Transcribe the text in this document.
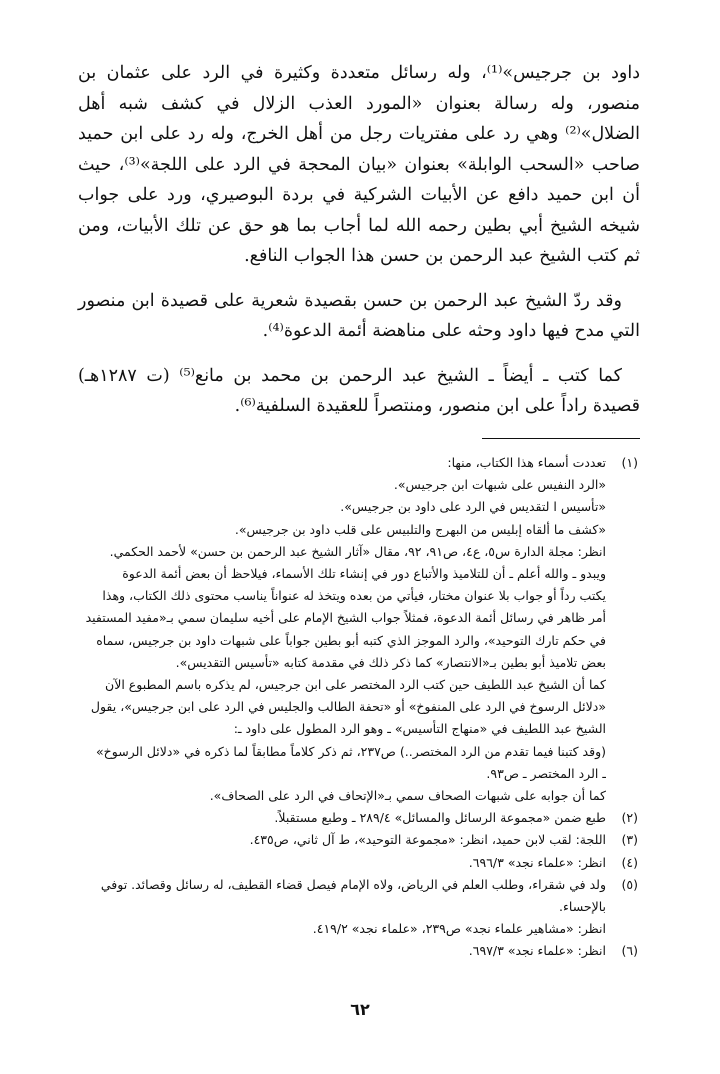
داود بن جرجيس»⁽¹⁾، وله رسائل متعددة وكثيرة في الرد على عثمان بن منصور، وله رسالة بعنوان «المورد العذب الزلال في كشف شبه أهل الضلال»⁽²⁾ وهي رد على مفتريات رجل من أهل الخرج، وله رد على ابن حميد صاحب «السحب الوابلة» بعنوان «بيان المحجة في الرد على اللجة»⁽³⁾، حيث أن ابن حميد دافع عن الأبيات الشركية في بردة البوصيري، ورد على جواب شيخه الشيخ أبي بطين رحمه الله لما أجاب بما هو حق عن تلك الأبيات، ومن ثم كتب الشيخ عبد الرحمن بن حسن هذا الجواب النافع.

وقد ردّ الشيخ عبد الرحمن بن حسن بقصيدة شعرية على قصيدة ابن منصور التي مدح فيها داود وحثه على مناهضة أئمة الدعوة⁽⁴⁾.

كما كتب ـ أيضاً ـ الشيخ عبد الرحمن بن محمد بن مانع⁽⁵⁾ (ت ١٢٨٧هـ) قصيدة راداً على ابن منصور، ومنتصراً للعقيدة السلفية⁽⁶⁾.

(١)

تعددت أسماء هذا الكتاب، منها:

«الرد النفيس على شبهات ابن جرجيس».

«تأسيس ا لتقديس في الرد على داود بن جرجيس».

«كشف ما ألقاه إبليس من البهرج والتلبيس على قلب داود بن جرجيس».

انظر: مجلة الدارة س٥، ع٤، ص٩١، ٩٢، مقال «آثار الشيخ عبد الرحمن بن حسن» لأحمد الحكمي.

ويبدو ـ والله أعلم ـ أن للتلاميذ والأتباع دور في إنشاء تلك الأسماء، فيلاحظ أن بعض أئمة الدعوة

يكتب رداً أو جواب بلا عنوان مختار، فيأتي من بعده ويتخذ له عنواناً يناسب محتوى ذلك الكتاب، وهذا

أمر ظاهر في رسائل أئمة الدعوة، فمثلاً جواب الشيخ الإمام على أخيه سليمان سمي بـ«مفيد المستفيد

في حكم تارك التوحيد»، والرد الموجز الذي كتبه أبو بطين جواباً على شبهات داود بن جرجيس، سماه

بعض تلاميذ أبو بطين بـ«الانتصار» كما ذكر ذلك في مقدمة كتابه «تأسيس التقديس».

كما أن الشيخ عبد اللطيف حين كتب الرد المختصر على ابن جرجيس، لم يذكره باسم المطبوع الآن

«دلائل الرسوخ في الرد على المنفوخ» أو «تحفة الطالب والجليس في الرد على ابن جرجيس»، يقول

الشيخ عبد اللطيف في «منهاج التأسيس» ـ وهو الرد المطول على داود ـ:

(وقد كتبنا فيما تقدم من الرد المختصر..) ص٢٣٧، ثم ذكر كلاماً مطابقاً لما ذكره في «دلائل الرسوخ»

ـ الرد المختصر ـ ص٩٣.

كما أن جوابه على شبهات الصحاف سمي بـ«الإتحاف في الرد على الصحاف».

(٢)

طبع ضمن «مجموعة الرسائل والمسائل» ٢٨٩/٤ ـ وطبع مستقبلاً.

(٣)

اللجة: لقب لابن حميد، انظر: «مجموعة التوحيد»، ط آل ثاني، ص٤٣٥.

(٤)

انظر: «علماء نجد» ٦٩٦/٣.

(٥)

ولد في شقراء، وطلب العلم في الرياض، ولاه الإمام فيصل قضاء القطيف، له رسائل وقصائد. توفي

بالإحساء.

انظر: «مشاهير علماء نجد» ص٢٣٩، «علماء نجد» ٤١٩/٢.

(٦)

انظر: «علماء نجد» ٦٩٧/٣.

٦٢
